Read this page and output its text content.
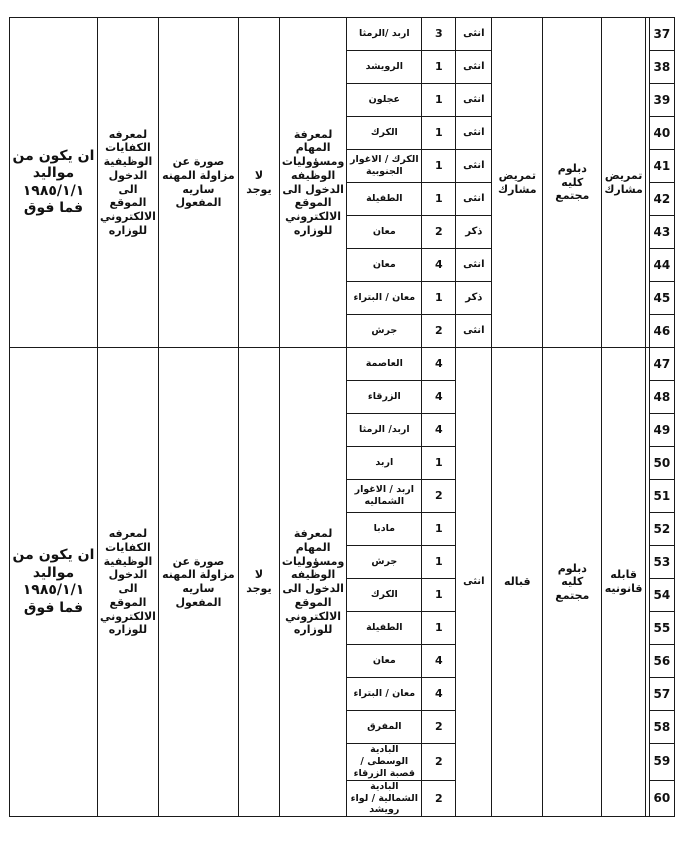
ان يكون من مواليد ١٩٨٥/١/١ فما فوق	لمعرفه الكفايات الوظيفية الدخول الى الموقع الالكتروني للوزاره	صورة عن مزاولة المهنه ساريه المفعول	لا يوجد	لمعرفة المهام ومسؤوليات الوظيفه الدخول الى الموقع الالكتروني للوزاره	اربد /الرمثا	3	انثى	تمريض مشارك	دبلوم كليه مجتمع	تمريض مشارك		37

					الرويشد	1	انثى					38

					عجلون	1	انثى					39

					الكرك	1	انثى					40

					الكرك / الاغوار الجنوبية	1	انثى					41

					الطفيلة	1	انثى					42

					معان	2	ذكر					43

					معان	4	انثى					44

					معان / البتراء	1	ذكر					45

					جرش	2	انثى					46

ان يكون من مواليد ١٩٨٥/١/١ فما فوق	لمعرفه الكفايات الوظيفية الدخول الى الموقع الالكتروني للوزاره	صورة عن مزاولة المهنه ساريه المفعول	لا يوجد	لمعرفة المهام ومسؤوليات الوظيفه الدخول الى الموقع الالكتروني للوزاره	العاصمة	4	انثى	قباله	دبلوم كليه مجتمع	قابله قانونيه		47

					الزرقاء	4						48

					اربد/ الرمثا	4						49

					اربد	1						50

					اربد / الاغوار الشماليه	2						51

					مادبا	1						52

					جرش	1						53

					الكرك	1						54

					الطفيلة	1						55

					معان	4						56

					معان / البتراء	4						57

					المفرق	2						58

					البادية الوسطى / قصبة الزرقاء	2						59

					البادية الشمالية / لواء رويشد	2						60
